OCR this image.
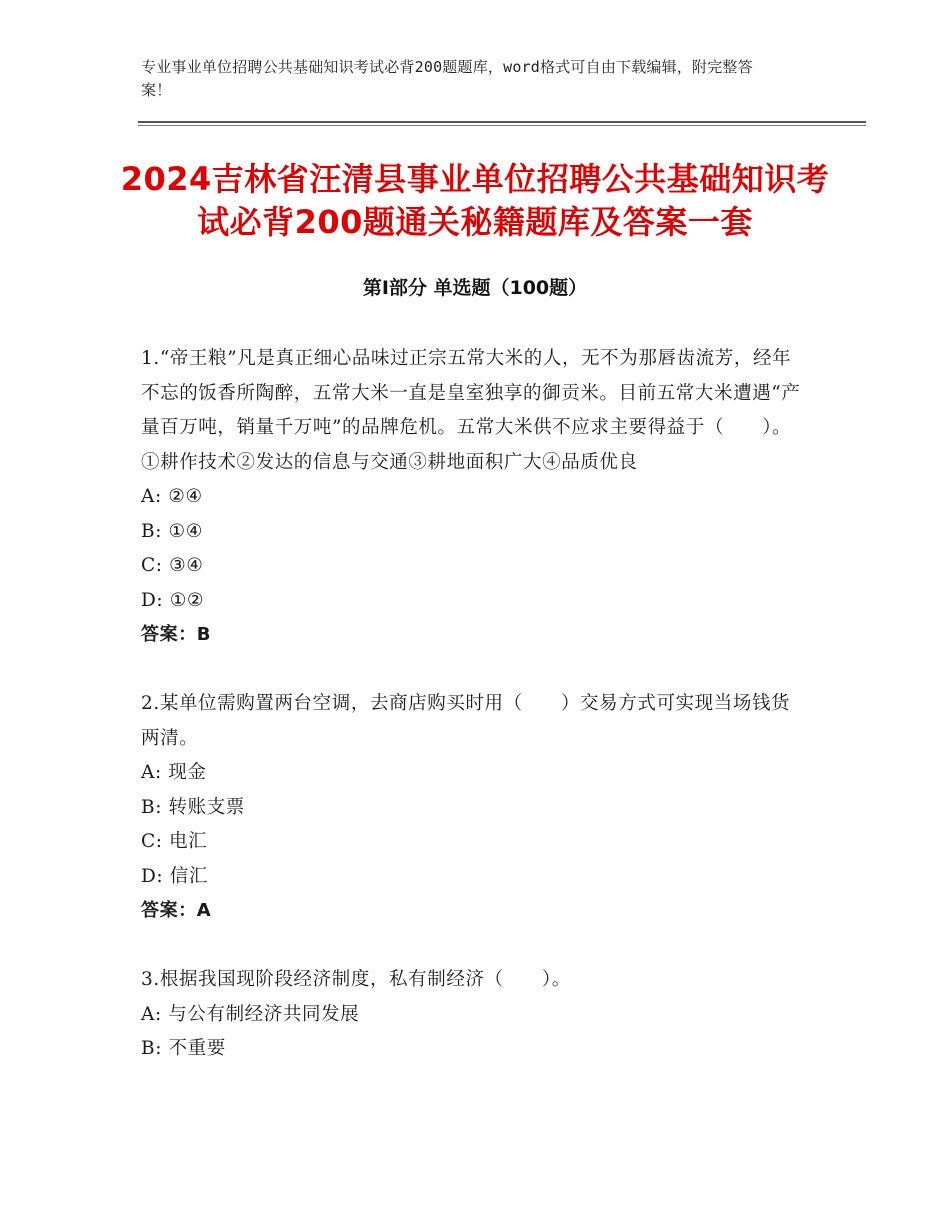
专业事业单位招聘公共基础知识考试必背200题题库，word格式可自由下载编辑，附完整答案！
2024吉林省汪清县事业单位招聘公共基础知识考试必背200题通关秘籍题库及答案一套
第Ⅰ部分 单选题（100题）

1.“帝王粮”凡是真正细心品味过正宗五常大米的人，无不为那唇齿流芳，经年不忘的饭香所陶醉，五常大米一直是皇室独享的御贡米。目前五常大米遭遇“产量百万吨，销量千万吨”的品牌危机。五常大米供不应求主要得益于（　　）。①耕作技术②发达的信息与交通③耕地面积广大④品质优良

A: ②④

B: ①④

C: ③④

D: ①②

答案：B

2.某单位需购置两台空调，去商店购买时用（　　）交易方式可实现当场钱货两清。

A: 现金

B: 转账支票

C: 电汇

D: 信汇

答案：A

3.根据我国现阶段经济制度，私有制经济（　　）。

A: 与公有制经济共同发展

B: 不重要
